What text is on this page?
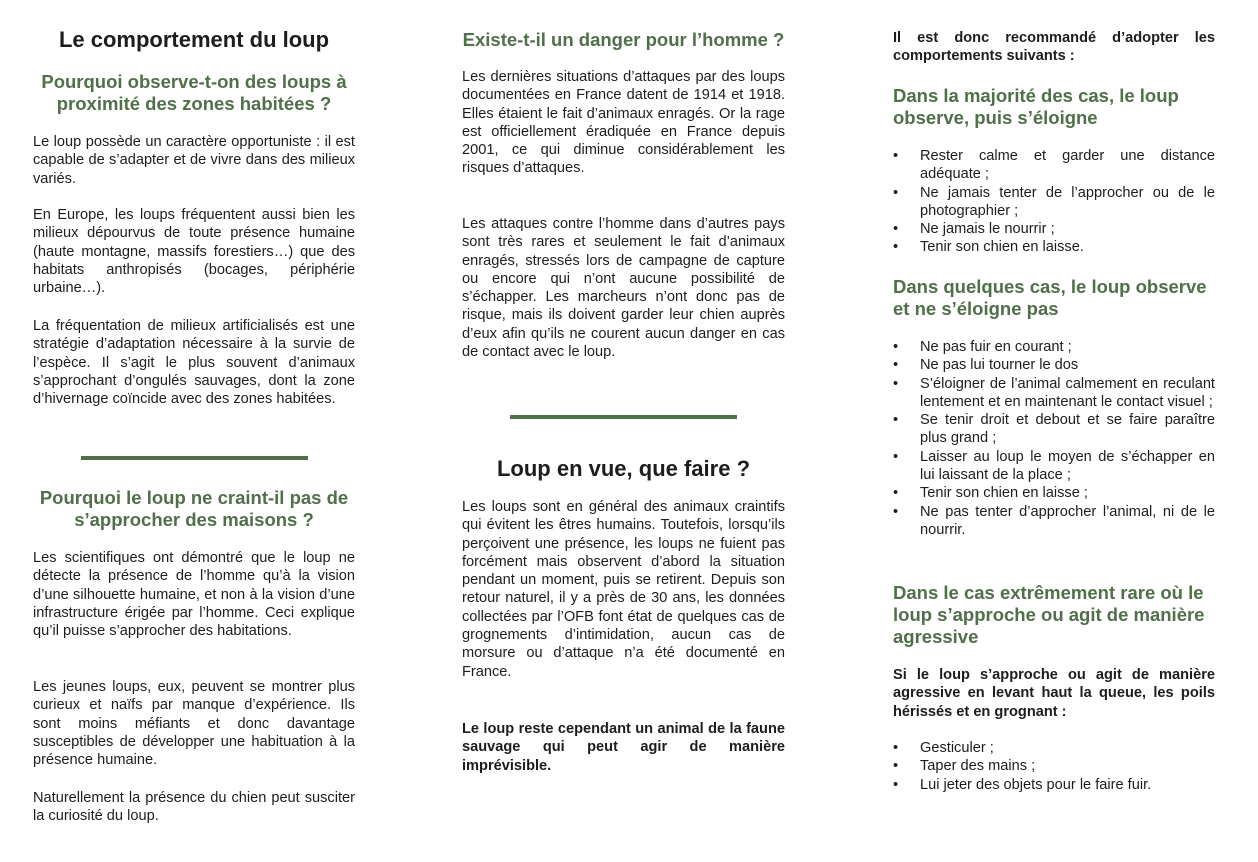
Le comportement du loup
Pourquoi observe-t-on des loups à proximité des zones habitées ?

Le loup possède un caractère opportuniste : il est capable de s’adapter et de vivre dans des milieux variés.

En Europe, les loups fréquentent aussi bien les milieux dépourvus de toute présence humaine (haute montagne, massifs forestiers…) que des habitats anthropisés (bocages, périphérie urbaine…).

La fréquentation de milieux artificialisés est une stratégie d’adaptation nécessaire à la survie de l’espèce. Il s’agit le plus souvent d’animaux s’approchant d’ongulés sauvages, dont la zone d’hivernage coïncide avec des zones habitées.

Pourquoi le loup ne craint-il pas de s’approcher des maisons ?

Les scientifiques ont démontré que le loup ne détecte la présence de l’homme qu’à la vision d’une silhouette humaine, et non à la vision d’une infrastructure érigée par l’homme. Ceci explique qu’il puisse s’approcher des habitations.

Les jeunes loups, eux, peuvent se montrer plus curieux et naïfs par manque d’expérience. Ils sont moins méfiants et donc davantage susceptibles de développer une habituation à la présence humaine.

Naturellement la présence du chien peut susciter la curiosité du loup.

Existe-t-il un danger pour l’homme ?

Les dernières situations d’attaques par des loups documentées en France datent de 1914 et 1918. Elles étaient le fait d’animaux enragés. Or la rage est officiellement éradiquée en France depuis 2001, ce qui diminue considérablement les risques d’attaques.

Les attaques contre l’homme dans d’autres pays sont très rares et seulement le fait d’animaux enragés, stressés lors de campagne de capture ou encore qui n’ont aucune possibilité de s’échapper. Les marcheurs n’ont donc pas de risque, mais ils doivent garder leur chien auprès d’eux afin qu’ils ne courent aucun danger en cas de contact avec le loup.

Loup en vue, que faire ?

Les loups sont en général des animaux craintifs qui évitent les êtres humains. Toutefois, lorsqu’ils perçoivent une présence, les loups ne fuient pas forcément mais observent d’abord la situation pendant un moment, puis se retirent. Depuis son retour naturel, il y a près de 30 ans, les données collectées par l’OFB font état de quelques cas de grognements d’intimidation, aucun cas de morsure ou d’attaque n’a été documenté en France.

Le loup reste cependant un animal de la faune sauvage qui peut agir de manière imprévisible.

Il est donc recommandé d’adopter les comportements suivants :

Dans la majorité des cas, le loup observe, puis s’éloigne
• Rester calme et garder une distance adéquate ;
• Ne jamais tenter de l’approcher ou de le photographier ;
• Ne jamais le nourrir ;
• Tenir son chien en laisse.
Dans quelques cas, le loup observe et ne s’éloigne pas
• Ne pas fuir en courant ;
• Ne pas lui tourner le dos
• S’éloigner de l’animal calmement en reculant lentement et en maintenant le contact visuel ;
• Se tenir droit et debout et se faire paraître plus grand ;
• Laisser au loup le moyen de s’échapper en lui laissant de la place ;
• Tenir son chien en laisse ;
• Ne pas tenter d’approcher l’animal, ni de le nourrir.
Dans le cas extrêmement rare où le loup s’approche ou agit de manière agressive

Si le loup s’approche ou agit de manière agressive en levant haut la queue, les poils hérissés et en grognant :

• Gesticuler ;
• Taper des mains ;
• Lui jeter des objets pour le faire fuir.
